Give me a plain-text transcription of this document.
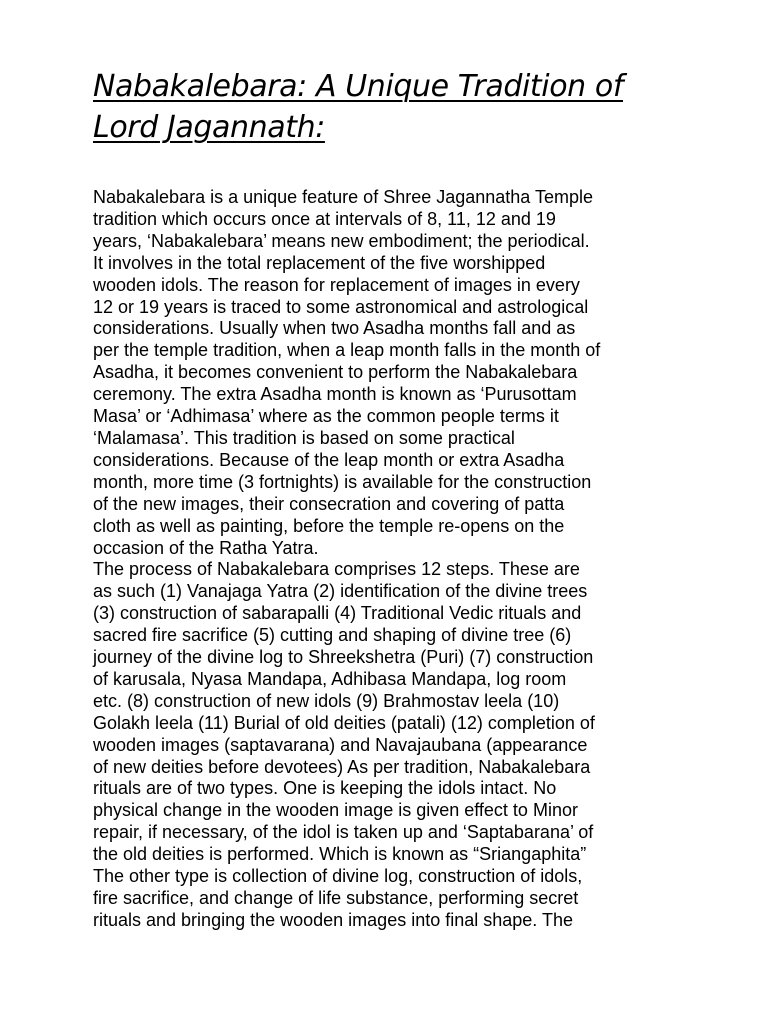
Nabakalebara: A Unique Tradition of
Lord Jagannath:

Nabakalebara is a unique feature of Shree Jagannatha Temple
tradition which occurs once at intervals of 8, 11, 12 and 19
years, ‘Nabakalebara’ means new embodiment; the periodical.
It involves in the total replacement of the five worshipped
wooden idols. The reason for replacement of images in every
12 or 19 years is traced to some astronomical and astrological
considerations. Usually when two Asadha months fall and as
per the temple tradition, when a leap month falls in the month of
Asadha, it becomes convenient to perform the Nabakalebara
ceremony. The extra Asadha month is known as ‘Purusottam
Masa’ or ‘Adhimasa’ where as the common people terms it
‘Malamasa’. This tradition is based on some practical
considerations. Because of the leap month or extra Asadha
month, more time (3 fortnights) is available for the construction
of the new images, their consecration and covering of patta
cloth as well as painting, before the temple re-opens on the
occasion of the Ratha Yatra.

The process of Nabakalebara comprises 12 steps. These are
as such (1) Vanajaga Yatra (2) identification of the divine trees
(3) construction of sabarapalli (4) Traditional Vedic rituals and
sacred fire sacrifice (5) cutting and shaping of divine tree (6)
journey of the divine log to Shreekshetra (Puri) (7) construction
of karusala, Nyasa Mandapa, Adhibasa Mandapa, log room
etc. (8) construction of new idols (9) Brahmostav leela (10)
Golakh leela (11) Burial of old deities (patali) (12) completion of
wooden images (saptavarana) and Navajaubana (appearance
of new deities before devotees) As per tradition, Nabakalebara
rituals are of two types. One is keeping the idols intact. No
physical change in the wooden image is given effect to Minor
repair, if necessary, of the idol is taken up and ‘Saptabarana’ of
the old deities is performed. Which is known as “Sriangaphita”
The other type is collection of divine log, construction of idols,
fire sacrifice, and change of life substance, performing secret
rituals and bringing the wooden images into final shape. The
